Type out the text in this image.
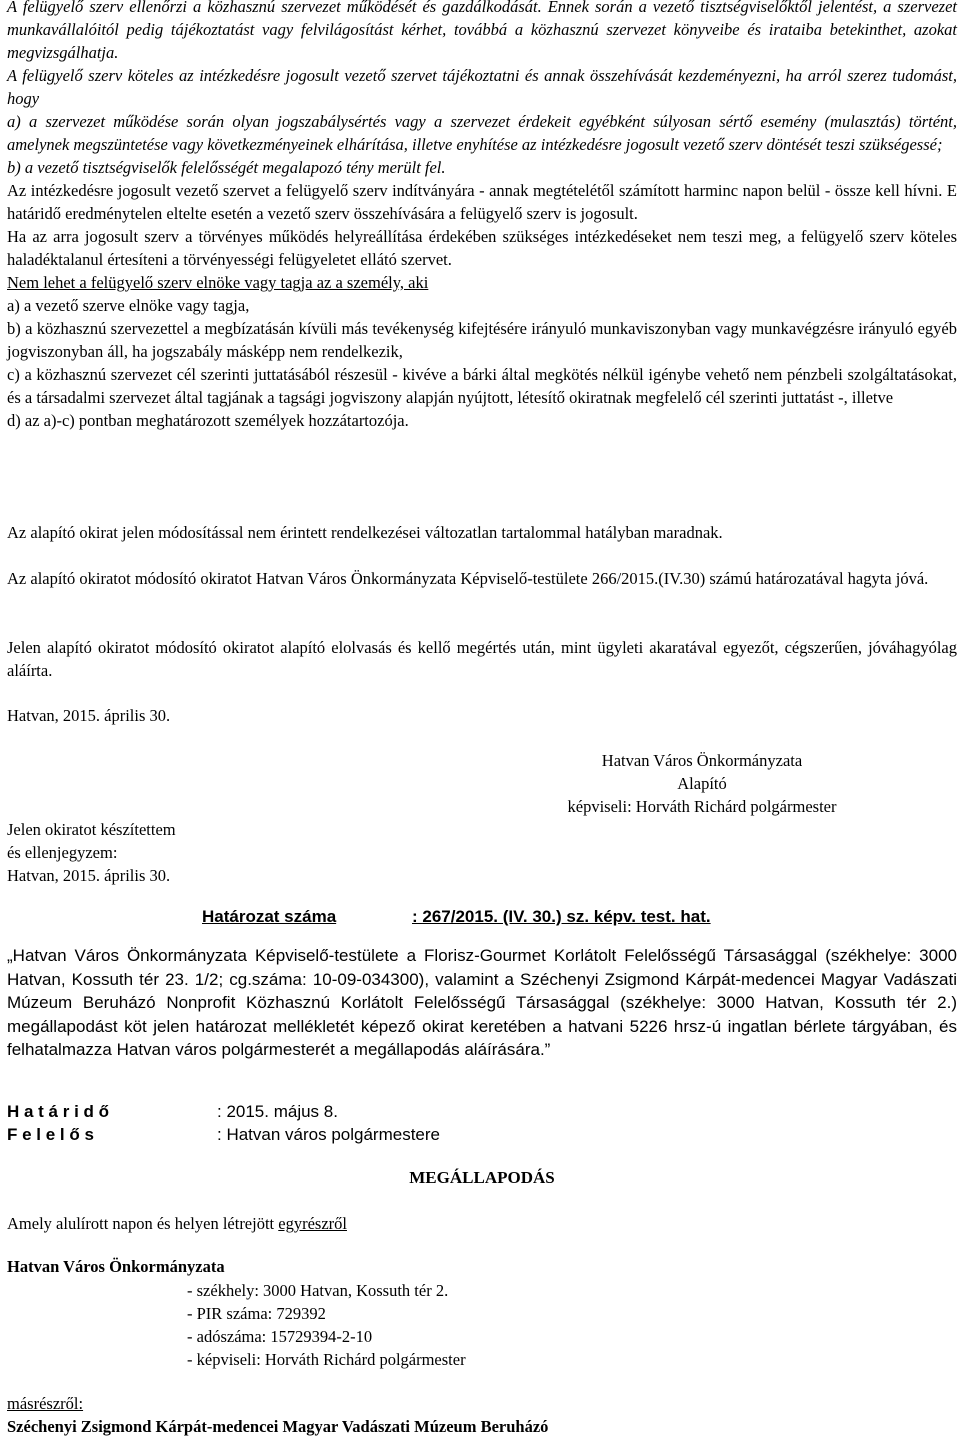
A felügyelő szerv ellenőrzi a közhasznú szervezet működését és gazdálkodását. Ennek során a vezető tisztségviselőktől jelentést, a szervezet munkavállalóitól pedig tájékoztatást vagy felvilágosítást kérhet, továbbá a közhasznú szervezet könyveibe és irataiba betekinthet, azokat megvizsgálhatja.

A felügyelő szerv köteles az intézkedésre jogosult vezető szervet tájékoztatni és annak összehívását kezdeményezni, ha arról szerez tudomást, hogy

a) a szervezet működése során olyan jogszabálysértés vagy a szervezet érdekeit egyébként súlyosan sértő esemény (mulasztás) történt, amelynek megszüntetése vagy következményeinek elhárítása, illetve enyhítése az intézkedésre jogosult vezető szerv döntését teszi szükségessé;

b) a vezető tisztségviselők felelősségét megalapozó tény merült fel.

Az intézkedésre jogosult vezető szervet a felügyelő szerv indítványára - annak megtételétől számított harminc napon belül - össze kell hívni. E határidő eredménytelen eltelte esetén a vezető szerv összehívására a felügyelő szerv is jogosult.

Ha az arra jogosult szerv a törvényes működés helyreállítása érdekében szükséges intézkedéseket nem teszi meg, a felügyelő szerv köteles haladéktalanul értesíteni a törvényességi felügyeletet ellátó szervet.

Nem lehet a felügyelő szerv elnöke vagy tagja az a személy, aki

a) a vezető szerve elnöke vagy tagja,

b) a közhasznú szervezettel a megbízatásán kívüli más tevékenység kifejtésére irányuló munkaviszonyban vagy munkavégzésre irányuló egyéb jogviszonyban áll, ha jogszabály másképp nem rendelkezik,

c) a közhasznú szervezet cél szerinti juttatásából részesül - kivéve a bárki által megkötés nélkül igénybe vehető nem pénzbeli szolgáltatásokat, és a társadalmi szervezet által tagjának a tagsági jogviszony alapján nyújtott, létesítő okiratnak megfelelő cél szerinti juttatást -, illetve

d) az a)-c) pontban meghatározott személyek hozzátartozója.

Az alapító okirat jelen módosítással nem érintett rendelkezései változatlan tartalommal hatályban maradnak.

Az alapító okiratot módosító okiratot Hatvan Város Önkormányzata Képviselő-testülete 266/2015.(IV.30) számú határozatával hagyta jóvá.

Jelen alapító okiratot módosító okiratot alapító elolvasás és kellő megértés után, mint ügyleti akaratával egyezőt, cégszerűen, jóváhagyólag aláírta.

Hatvan, 2015. április 30.

Hatvan Város Önkormányzata
Alapító
képviseli: Horváth Richárd polgármester
Jelen okiratot készítettem
és ellenjegyzem:
Hatvan, 2015. április 30.
Határozat száma	: 267/2015. (IV. 30.) sz. képv. test. hat.

„Hatvan Város Önkormányzata Képviselő-testülete a Florisz-Gourmet Korlátolt Felelősségű Társasággal (székhelye: 3000 Hatvan, Kossuth tér 23. 1/2; cg.száma: 10-09-034300), valamint a Széchenyi Zsigmond Kárpát-medencei Magyar Vadászati Múzeum Beruházó Nonprofit Közhasznú Korlátolt Felelősségű Társasággal (székhelye: 3000 Hatvan, Kossuth tér 2.) megállapodást köt jelen határozat mellékletét képező okirat keretében a hatvani 5226 hrsz-ú ingatlan bérlete tárgyában, és felhatalmazza Hatvan város polgármesterét a megállapodás aláírására.”

H a t á r i d ő	: 2015. május 8.
F e l e l ő s	: Hatvan város polgármestere
MEGÁLLAPODÁS
Amely alulírott napon és helyen létrejött egyrészről
Hatvan Város Önkormányzata
- székhely: 3000 Hatvan, Kossuth tér 2.
- PIR száma: 729392
- adószáma: 15729394-2-10
- képviseli: Horváth Richárd polgármester
másrészről:
Széchenyi Zsigmond Kárpát-medencei Magyar Vadászati Múzeum Beruházó
